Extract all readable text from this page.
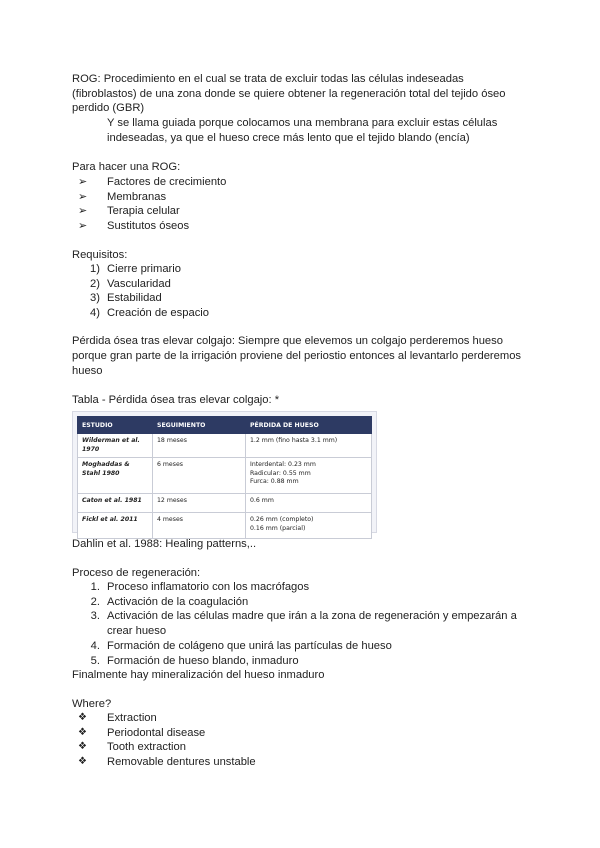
ROG: Procedimiento en el cual se trata de excluir todas las células indeseadas

(fibroblastos) de una zona donde se quiere obtener la regeneración total del tejido óseo

perdido (GBR)

Y se llama guiada porque colocamos una membrana para excluir estas células

indeseadas, ya que el hueso crece más lento que el tejido blando (encía)

Para hacer una ROG:

➢	Factores de crecimiento
➢	Membranas
➢	Terapia celular
➢	Sustitutos óseos

Requisitos:

1) Cierre primario
2) Vascularidad
3) Estabilidad
4) Creación de espacio

Pérdida ósea tras elevar colgajo: Siempre que elevemos un colgajo perderemos hueso

porque gran parte de la irrigación proviene del periostio entonces al levantarlo perderemos

hueso

Tabla - Pérdida ósea tras elevar colgajo: *

ESTUDIO	SEGUIMIENTO	PÉRDIDA DE HUESO
Wilderman et al. 1970	18 meses	1.2 mm (fino hasta 3.1 mm)

Moghaddas & Stahl 1980	6 meses	Interdental: 0.23 mm
Radicular: 0.55 mm
Furca: 0.88 mm

Caton et al. 1981	12 meses	0.6 mm

Fickl et al. 2011	4 meses	0.26 mm (completo)
0.16 mm (parcial)

Dahlin et al. 1988: Healing patterns,..

Proceso de regeneración:

1. Proceso inflamatorio con los macrófagos
2. Activación de la coagulación
3. Activación de las células madre que irán a la zona de regeneración y empezarán a
crear hueso
4. Formación de colágeno que unirá las partículas de hueso
5. Formación de hueso blando, inmaduro

Finalmente hay mineralización del hueso inmaduro

Where?

❖	Extraction
❖	Periodontal disease
❖	Tooth extraction
❖	Removable dentures unstable
